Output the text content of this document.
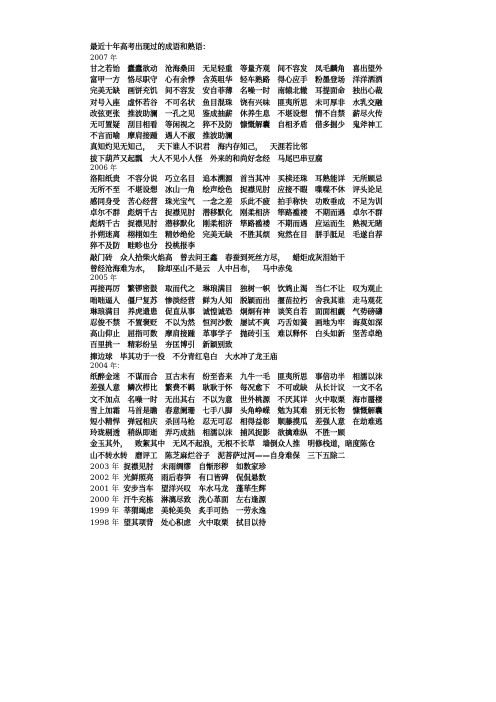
最近十年高考出现过的成语和熟语：
2007 年
甘之若饴 蠹蠹欲动 沧海桑田 无足轻重 等量齐观 间不容发 凤毛麟角 喜出望外
富甲一方 恪尽职守 心有余悸 含英咀华 轻车熟路 得心应手 粉墨登场 洋洋洒洒
完美无缺 画饼充饥 间不容发 安自菲薄 名噪一时 南辕北辙 耳提面命 独出心裁
对号入座 虚怀若谷 不可名状 鱼目混珠 饶有兴味 匪夷所思 未可厚非 水乳交融
改弦更张 推波助澜 一孔之见 鉴成抽薪 休养生息 不堪设想 情不自禁 薪尽火传
无可置疑 刮目相看 等闲视之 猝不及防 慷慨解囊 自相矛盾 借多掘少 鬼斧神工
不言而喻 摩肩接踵 遇人不淑 推波助澜
真知灼见无知己， 天下谁人不识君 海内存知己， 天涯若比邻
拔下葫芦又起瓢 大人不见小人怪 外来的和尚好念经 马尾巴串豆腐
2006 年
洛阳纸贵 不容分说 巧立名目 追本溯源 首当其冲 买椟还珠 耳熟能详 无所顾忌
无所不至 不堪设想 冰山一角 绘声绘色 捉襟见肘 应接不暇 喋喋不休 评头论足
感同身受 苦心经营 珠光宝气 一念之差 乐此不疲 拍手称快 功败垂成 不足为训
卓尔不群 彪炳千古 捉襟见肘 潜移默化 刚柔相济 筚路褴褛 不期而遇 卓尔不群
彪炳千古 捉襟见肘 潜移默化 刚柔相济 筚路褴褛 不期而遇 应运而生 熟视无睹
扑朔迷离 栩栩如生 精妙绝伦 完美无缺 不胜其烦 宛然在目 胼手胝足 毛遂自荐
猝不及防 畦畛也分 投桃报李
敲门砖 众人拾柴火焰高 曾去问王鑫 春蚕到死丝方尽， 蜡炬成灰泪始干
曾经沧海难为水， 除却巫山不是云 人中吕布， 马中赤兔
2005 年
再接再厉 繁锣密鼓 取而代之 琳琅满目 独树一帜 饮鸩止渴 当仁不让 叹为观止
咄咄逼人 僵尸复苏 惨淡经营 鲜为人知 脱颖而出 揠苗拉朽 舍我其谁 走马观花
琳琅满目 养虎遗患 促直从事 诚惶诚恐 炯炯有神 谈笑自若 面面相觑 气势磅礴
忍俊不禁 不置褒贬 不以为然 恒河沙数 屡试不爽 巧舌如簧 画地为牢 诲莫如深
高山仰止 屈指可数 摩肩接踵 革事学子 抛砖引玉 难以释怀 白头如新 坚苦卓绝
百里挑一 精彩纷呈 夯匡博引 新颖别致
撺边球 毕其功于一役 不分青红皂白 大水冲了龙王庙
2004 年：
纸醉金迷 不谋而合 亘古未有 纷至沓来 九牛一毛 匪夷所思 事倍功半 相濡以沫
差强人意 鳞次栉比 繁费不羁 耿耿于怀 每况愈下 不可或缺 从长计议 一文不名
文不加点 名噪一时 无出其右 不以为意 世外桃源 不厌其详 火中取栗 海市蜃楼
雪上加霜 马首是瞻 春意阑珊 七手八脚 头角峥嵘 勉为其难 别无长物 慷慨解囊
短小精悍 弹冠相庆 杀回马枪 忍无可忍 相得益彰 顺藤摸瓜 差强人意 在劫难逃
玲珑剔透 稍纵即逝 弄巧成拙 相濡以沫 捕风捉影 欲擒难纵 不胜一顾
金玉其外， 败絮其中 无风不起浪，无根不长草 墙倒众人推 明修栈道，暗度陈仓
山不转水转 磨评工 陈芝麻烂谷子 泥菩萨过河——自身难保 三下五除二
2003 年 捉襟见肘 未雨绸缪 自惭形秽 如数家珍
2002 年 光鲜照亮 雨后春笋 有口皆碑 侃侃悬数
2001 年 安步当车 望洋兴叹 车水马龙 蓬荜生辉
2000 年 汗牛充栋 淋漓尽致 洗心革面 左右逢源
1999 年 莘猬竭虑 美轮美奂 炙手可热 一劳永逸
1998 年 望其项背 处心积虑 火中取栗 拭目以待
